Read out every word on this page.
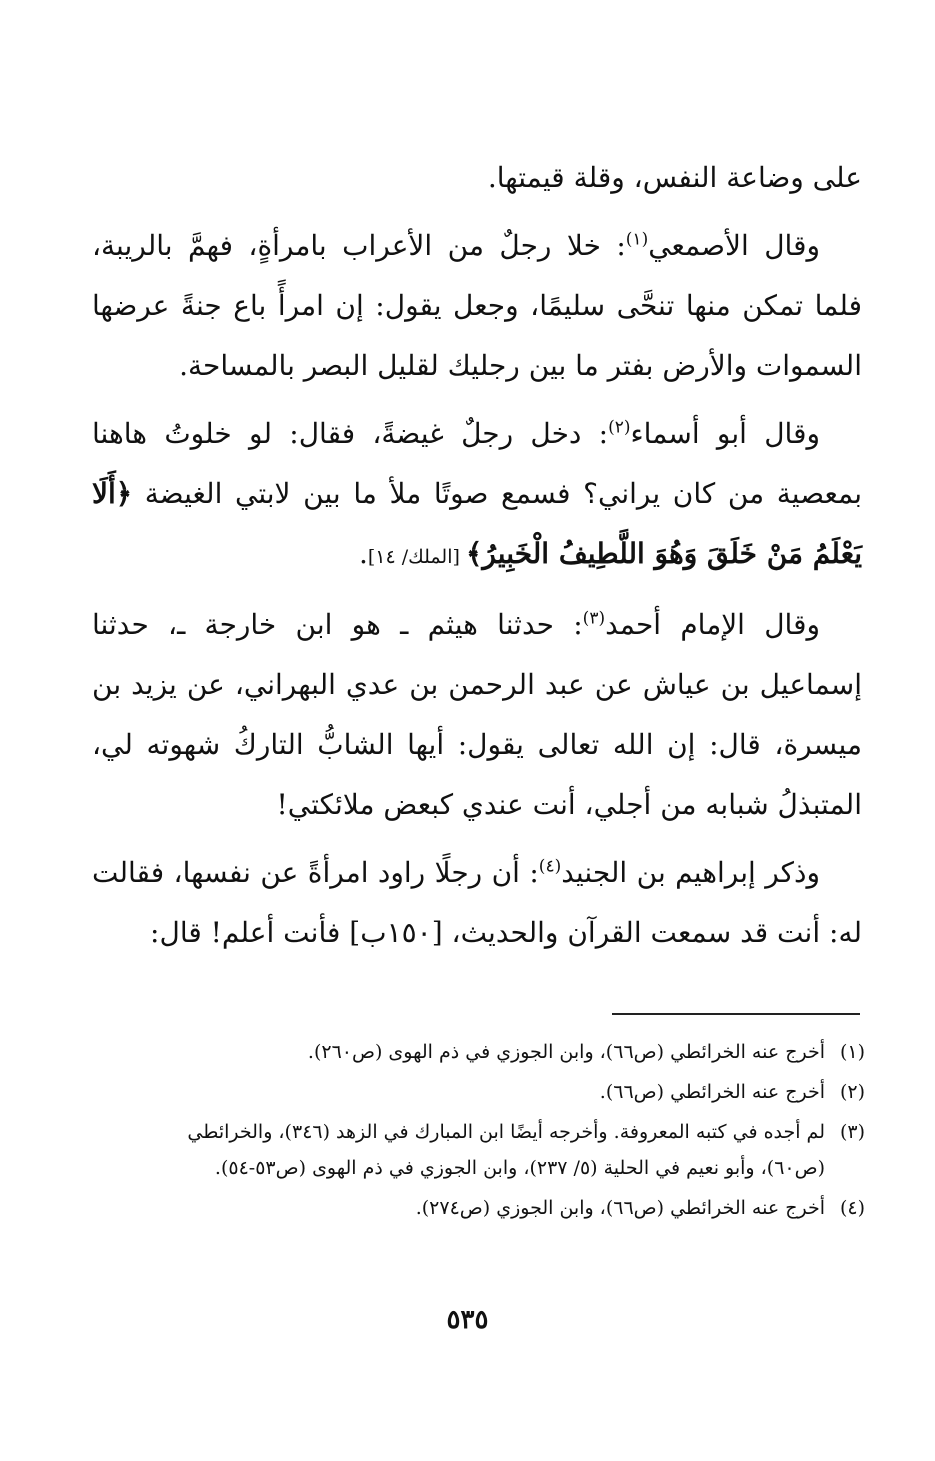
على وضاعة النفس، وقلة قيمتها.

وقال الأصمعي$^{(١)}$: خلا رجلٌ من الأعراب بامرأةٍ، فهمَّ بالريبة، فلما تمكن منها تنحَّى سليمًا، وجعل يقول: إن امرأً باع جنةً عرضها السموات والأرض بفتر ما بين رجليك لقليل البصر بالمساحة.

وقال أبو أسماء$^{(٢)}$: دخل رجلٌ غيضةً، فقال: لو خلوتُ هاهنا بمعصية من كان يراني؟ فسمع صوتًا ملأ ما بين لابتي الغيضة ﴿أَلَا يَعْلَمُ مَنْ خَلَقَ وَهُوَ اللَّطِيفُ الْخَبِيرُ﴾ [الملك/ ١٤].

وقال الإمام أحمد$^{(٣)}$: حدثنا هيثم ـ هو ابن خارجة ـ، حدثنا إسماعيل بن عياش عن عبد الرحمن بن عدي البهراني، عن يزيد بن ميسرة، قال: إن الله تعالى يقول: أيها الشابُّ التاركُ شهوته لي، المتبذلُ شبابه من أجلي، أنت عندي كبعض ملائكتي!

وذكر إبراهيم بن الجنيد$^{(٤)}$: أن رجلًا راود امرأةً عن نفسها، فقالت له: أنت قد سمعت القرآن والحديث، [١٥٠ب] فأنت أعلم! قال:

(١)
أخرج عنه الخرائطي (ص٦٦)، وابن الجوزي في ذم الهوى (ص٢٦٠).
(٢)
أخرج عنه الخرائطي (ص٦٦).
(٣)
لم أجده في كتبه المعروفة. وأخرجه أيضًا ابن المبارك في الزهد (٣٤٦)، والخرائطي (ص٦٠)، وأبو نعيم في الحلية (٥/ ٢٣٧)، وابن الجوزي في ذم الهوى (ص٥٣-٥٤).
(٤)
أخرج عنه الخرائطي (ص٦٦)، وابن الجوزي (ص٢٧٤).
٥٣٥
